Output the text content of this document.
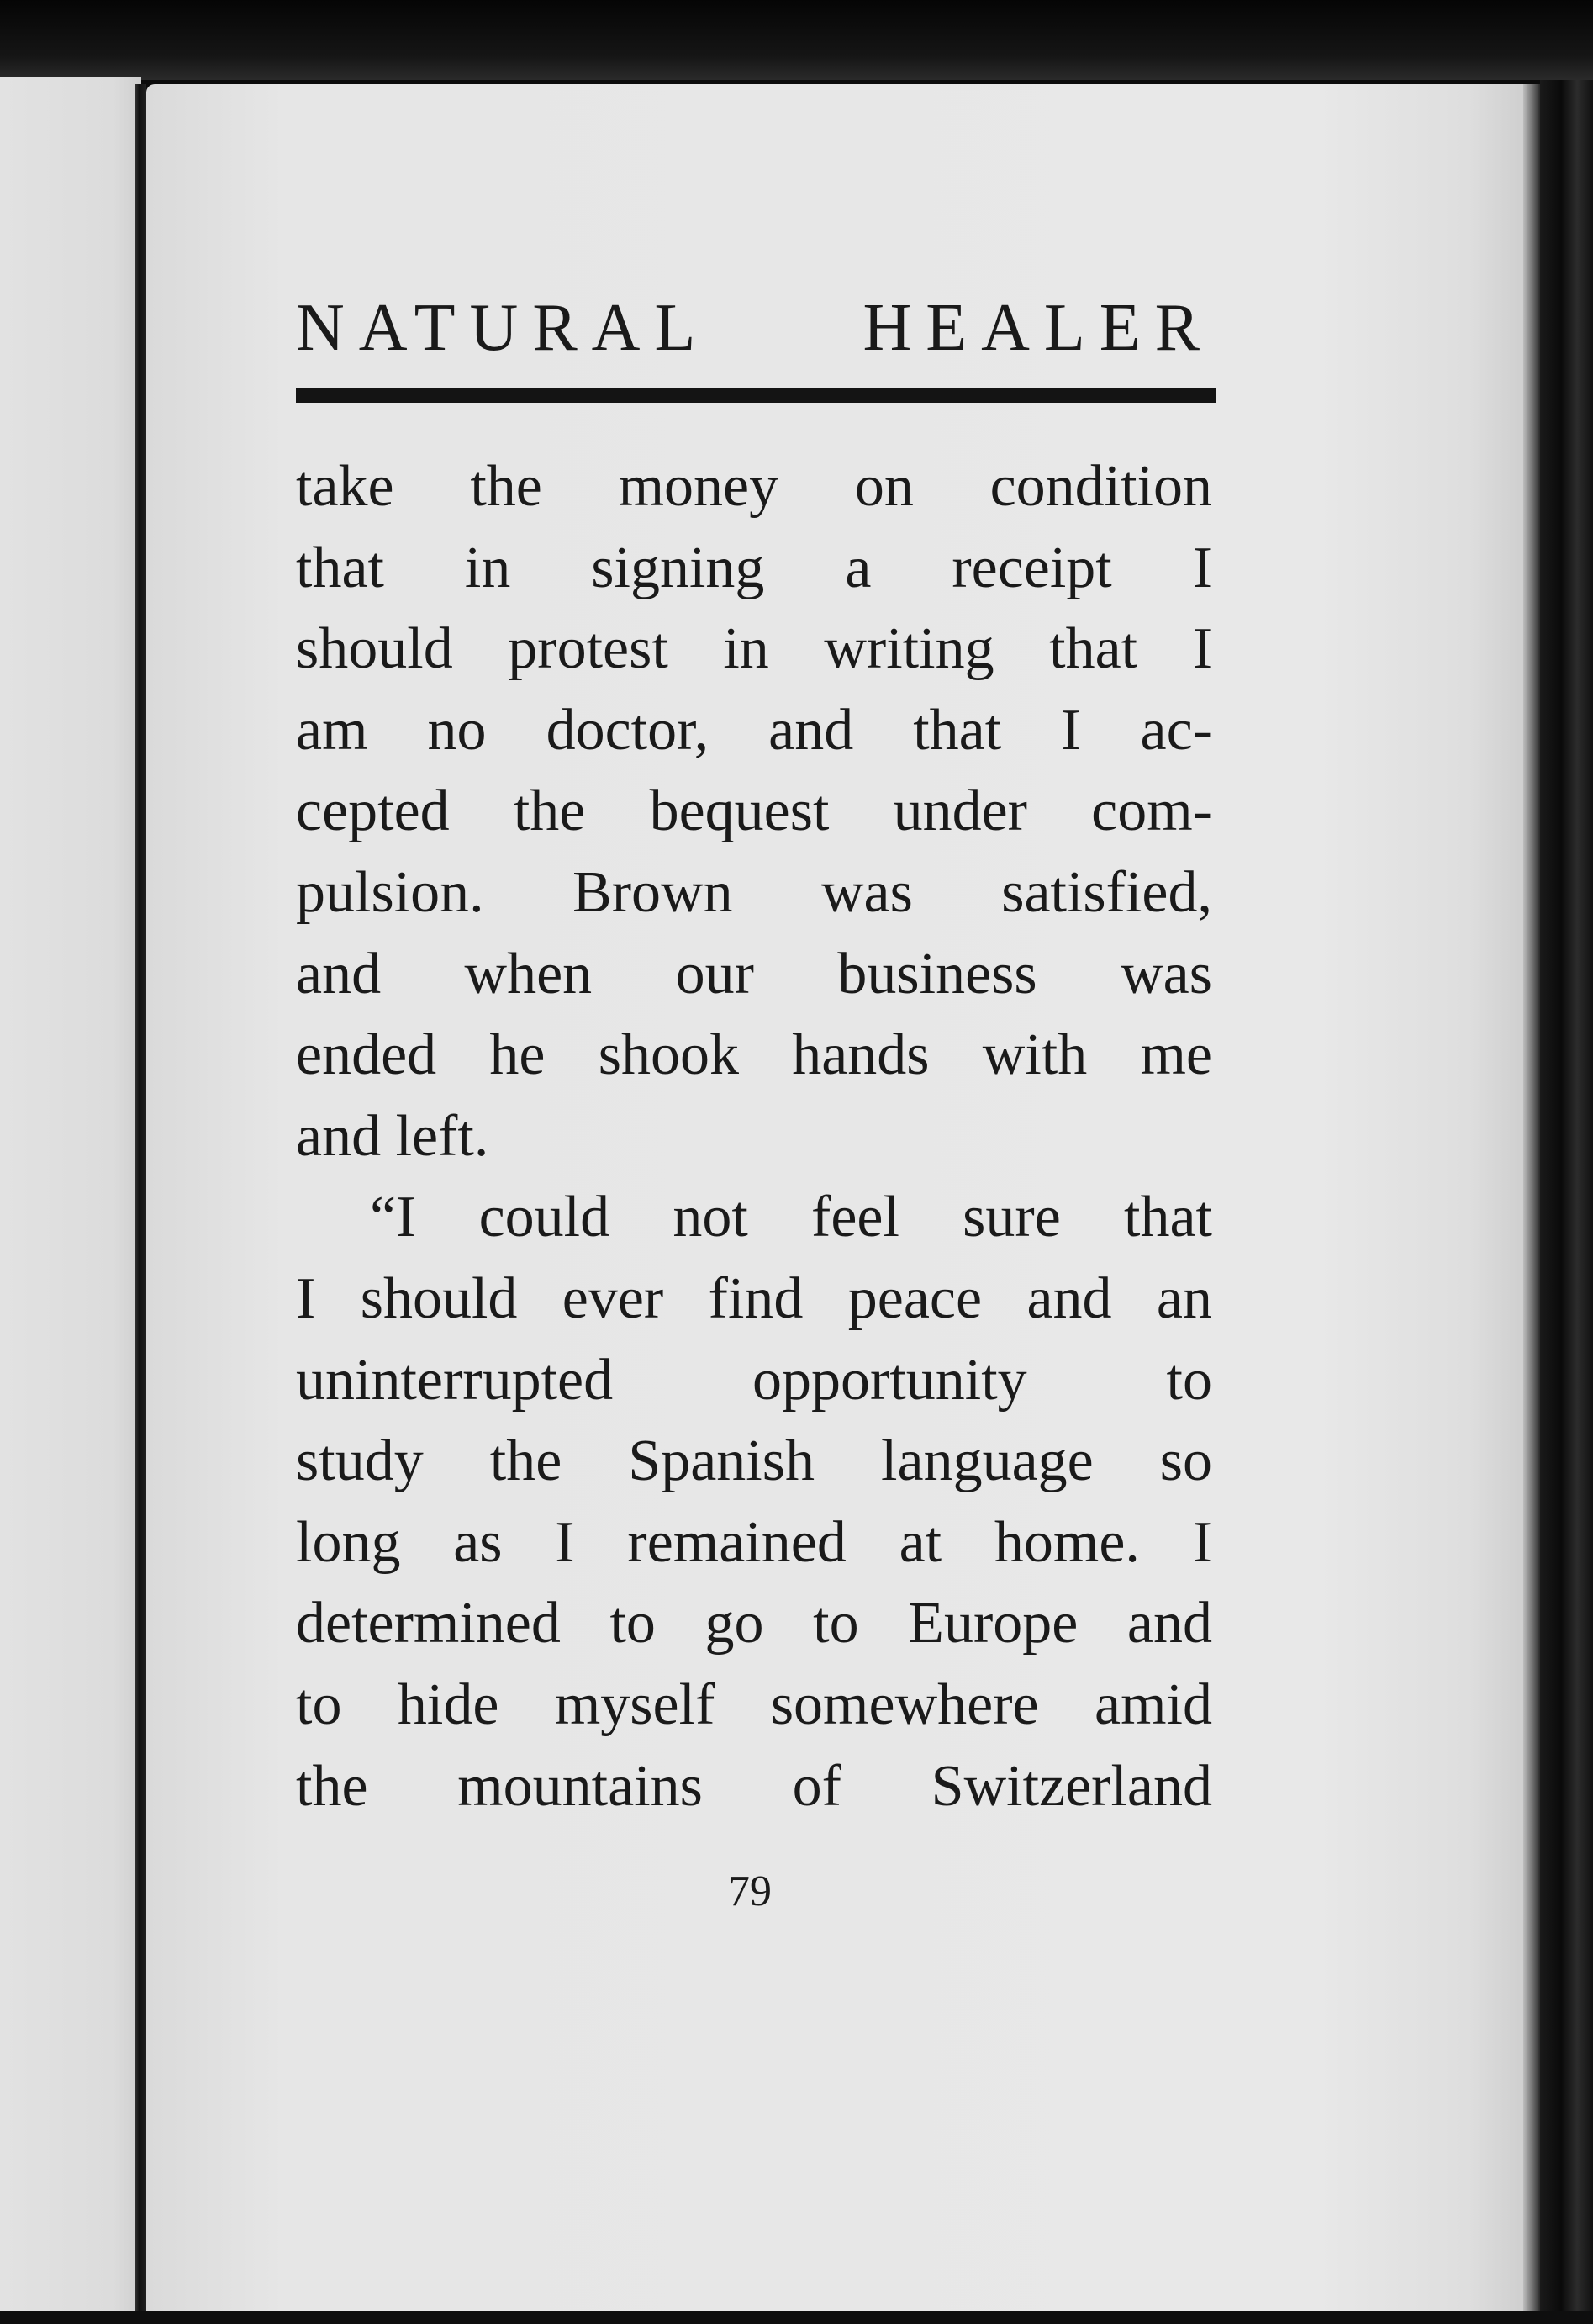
NATURAL HEALER
take the money on condition
that in signing a receipt I
should protest in writing that I
am no doctor, and that I ac-
cepted the bequest under com-
pulsion. Brown was satisfied,
and when our business was
ended he shook hands with me
and left.
“I could not feel sure that
I should ever find peace and an
uninterrupted opportunity to
study the Spanish language so
long as I remained at home. I
determined to go to Europe and
to hide myself somewhere amid
the mountains of Switzerland
79
